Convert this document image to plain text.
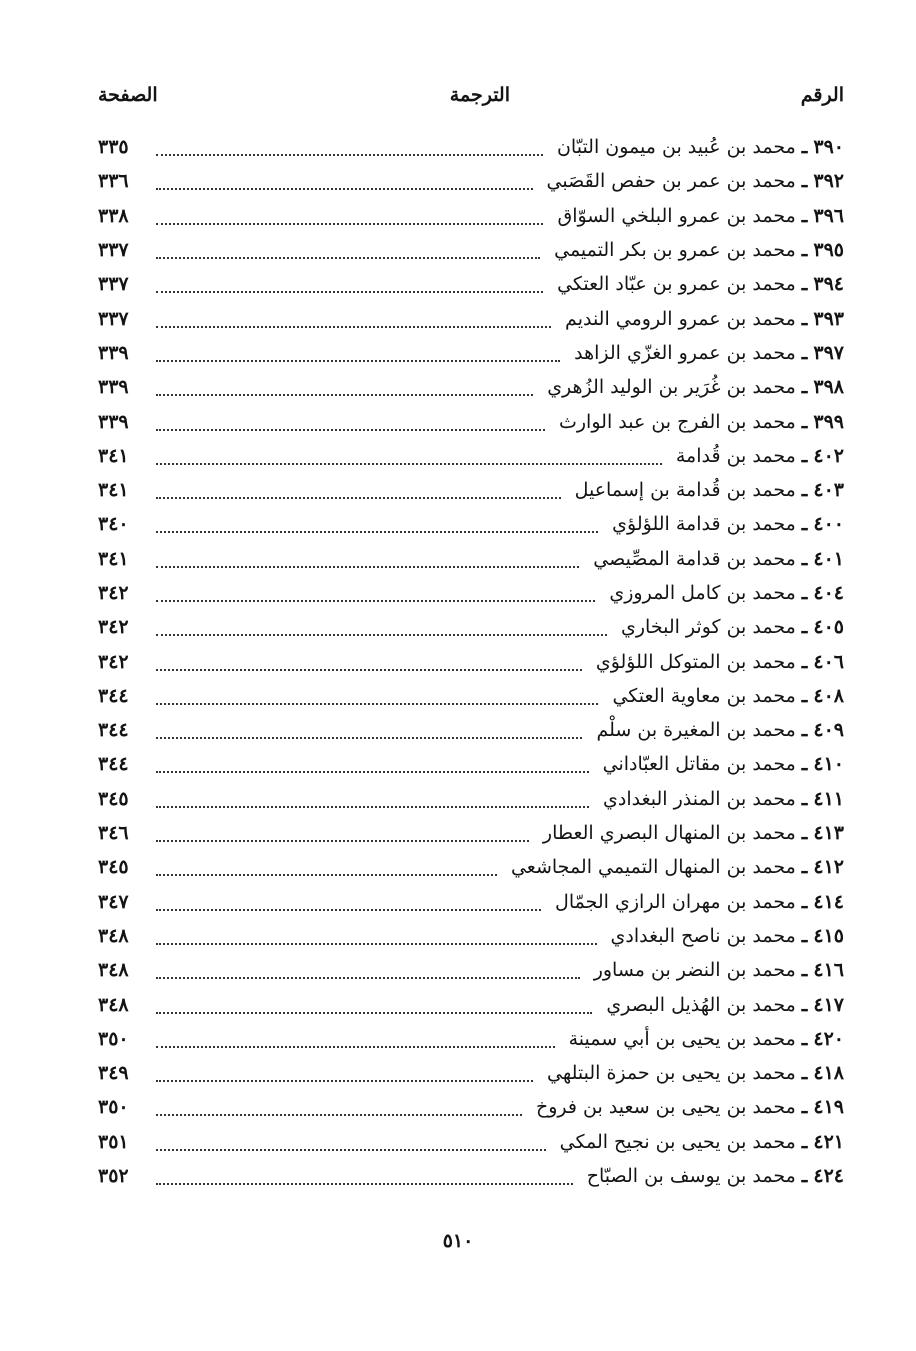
الرقم
الترجمة
الصفحة
٣٩٠
ـ
محمد بن عُبيد بن ميمون التبّان
٣٣٥
٣٩٢
ـ
محمد بن عمر بن حفص القَصَبي
٣٣٦
٣٩٦
ـ
محمد بن عمرو البلخي السوّاق
٣٣٨
٣٩٥
ـ
محمد بن عمرو بن بكر التميمي
٣٣٧
٣٩٤
ـ
محمد بن عمرو بن عبّاد العتكي
٣٣٧
٣٩٣
ـ
محمد بن عمرو الرومي النديم
٣٣٧
٣٩٧
ـ
محمد بن عمرو الغزّي الزاهد
٣٣٩
٣٩٨
ـ
محمد بن غُرَير بن الوليد الزُهري
٣٣٩
٣٩٩
ـ
محمد بن الفرج بن عبد الوارث
٣٣٩
٤٠٢
ـ
محمد بن قُدامة
٣٤١
٤٠٣
ـ
محمد بن قُدامة بن إسماعيل
٣٤١
٤٠٠
ـ
محمد بن قدامة اللؤلؤي
٣٤٠
٤٠١
ـ
محمد بن قدامة المصِّيصي
٣٤١
٤٠٤
ـ
محمد بن كامل المروزي
٣٤٢
٤٠٥
ـ
محمد بن كوثر البخاري
٣٤٢
٤٠٦
ـ
محمد بن المتوكل اللؤلؤي
٣٤٢
٤٠٨
ـ
محمد بن معاوية العتكي
٣٤٤
٤٠٩
ـ
محمد بن المغيرة بن سلْم
٣٤٤
٤١٠
ـ
محمد بن مقاتل العبّاداني
٣٤٤
٤١١
ـ
محمد بن المنذر البغدادي
٣٤٥
٤١٣
ـ
محمد بن المنهال البصري العطار
٣٤٦
٤١٢
ـ
محمد بن المنهال التميمي المجاشعي
٣٤٥
٤١٤
ـ
محمد بن مهران الرازي الجمّال
٣٤٧
٤١٥
ـ
محمد بن ناصح البغدادي
٣٤٨
٤١٦
ـ
محمد بن النضر بن مساور
٣٤٨
٤١٧
ـ
محمد بن الهُذيل البصري
٣٤٨
٤٢٠
ـ
محمد بن يحيى بن أبي سمينة
٣٥٠
٤١٨
ـ
محمد بن يحيى بن حمزة البتلهي
٣٤٩
٤١٩
ـ
محمد بن يحيى بن سعيد بن فروخ
٣٥٠
٤٢١
ـ
محمد بن يحيى بن نجيح المكي
٣٥١
٤٢٤
ـ
محمد بن يوسف بن الصبّاح
٣٥٢
٥١٠
